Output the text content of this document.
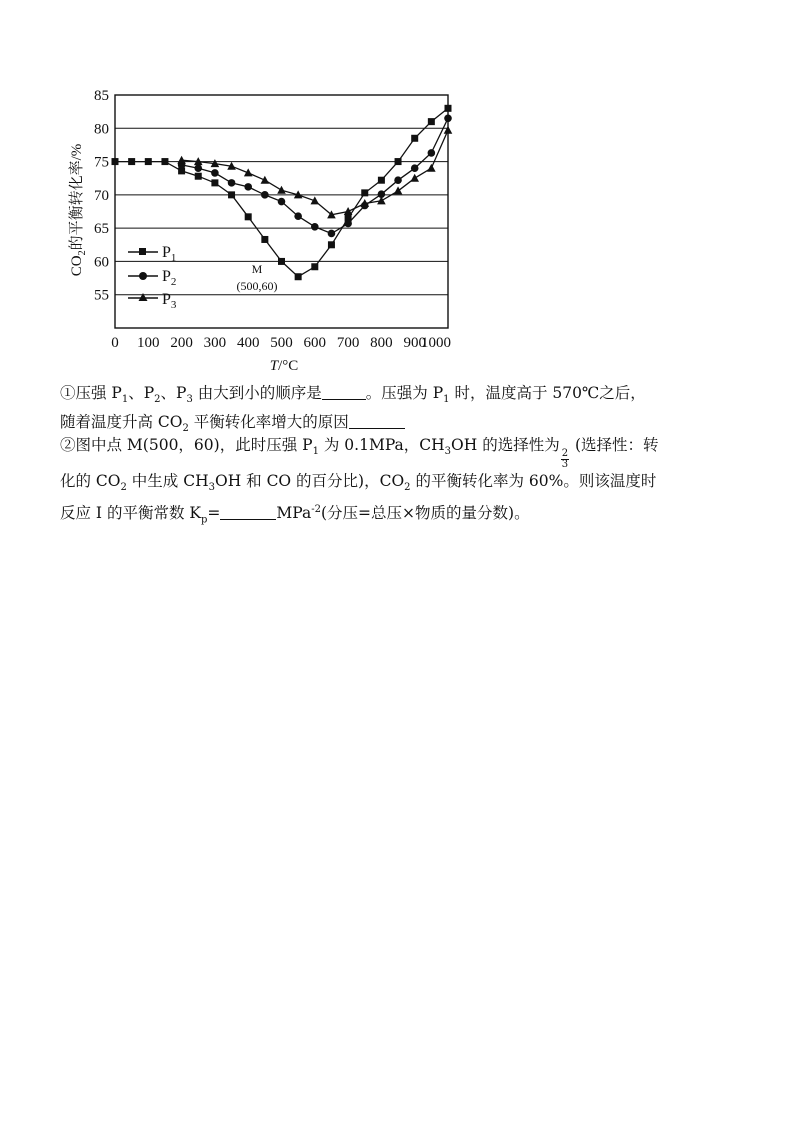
0 100 200 300 400 500 600 700 800 900
1000
55
60
65
70
75
80
85
$CO_2$的平衡转化率/%
T/°C
$P_1$
$P_2$
$P_3$
M
(500,60)
①压强 $P_1$、$P_2$、$P_3$ 由大到小的顺序是	。压强为 $P_1$ 时，温度高于 570℃之后，
随着温度升高 $CO_2$ 平衡转化率增大的原因
②图中点 M(500，60)，此时压强 $P_1$ 为 0.1MPa，$CH_3OH$ 的选择性为
$\frac{2}{3}$
(选择性：转
化的 $CO_2$ 中生成 $CH_3OH$ 和 CO 的百分比)，$CO_2$ 的平衡转化率为 60%。则该温度时
反应 I 的平衡常数 $K_p=$	MPa$^{-2}$(分压=总压×物质的量分数)。
